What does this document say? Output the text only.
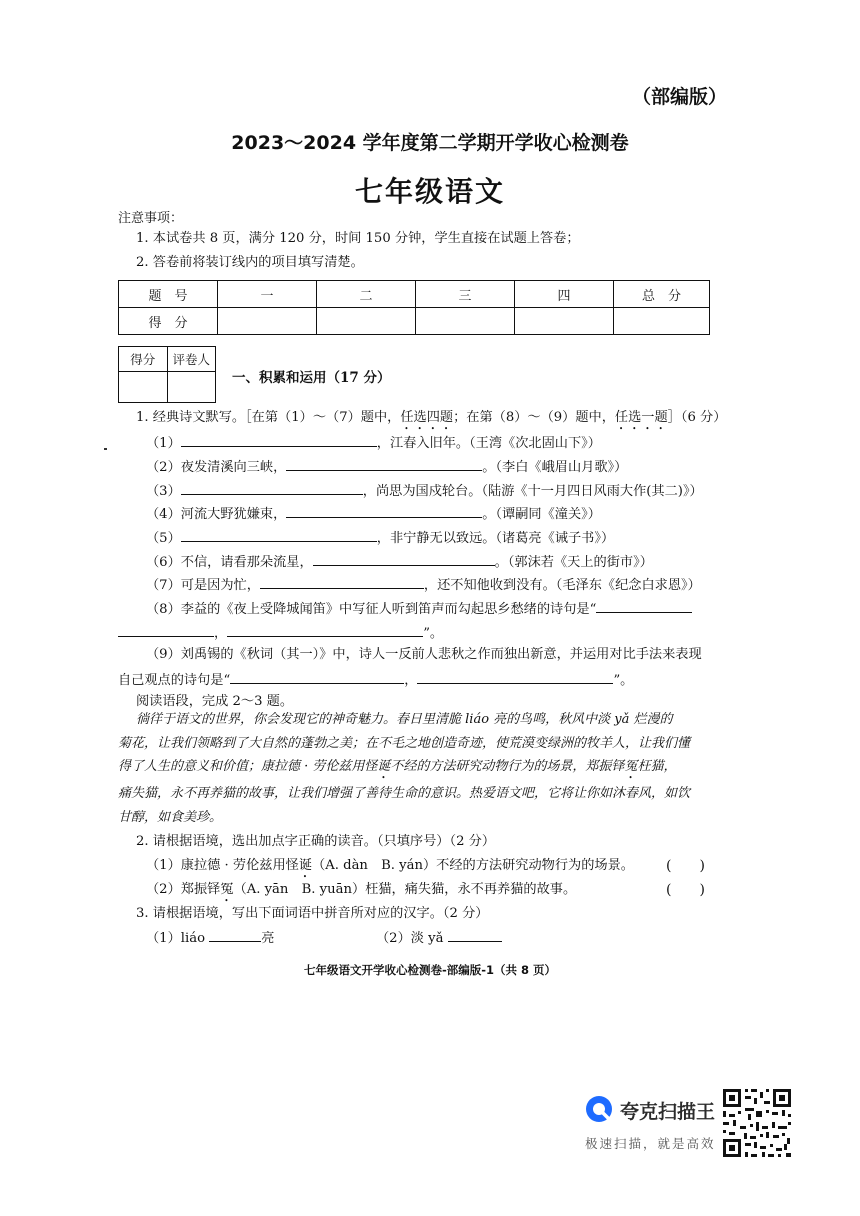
（部编版）
2023～2024 学年度第二学期开学收心检测卷
七年级语文
注意事项：
1. 本试卷共 8 页，满分 120 分，时间 150 分钟，学生直接在试题上答卷；
2. 答卷前将装订线内的项目填写清楚。
题　号	一	二	三	四	总　分
得　分					
得分	评卷人

一、积累和运用（17 分）
1. 经典诗文默写。［在第（1）～（7）题中，任选四题；在第（8）～（9）题中，任选一题］（6 分）
（1）	，江春入旧年。（王湾《次北固山下》）
（2）夜发清溪向三峡，	。（李白《峨眉山月歌》）
（3）	，尚思为国戍轮台。（陆游《十一月四日风雨大作(其二)》）
（4）河流大野犹嫌束，	。（谭嗣同《潼关》）
（5）	，非宁静无以致远。（诸葛亮《诫子书》）
（6）不信，请看那朵流星，	。（郭沫若《天上的街市》）
（7）可是因为忙，	，还不知他收到没有。（毛泽东《纪念白求恩》）
（8）李益的《夜上受降城闻笛》中写征人听到笛声而勾起思乡愁绪的诗句是“
，	”。
（9）刘禹锡的《秋词（其一）》中，诗人一反前人悲秋之作而独出新意，并运用对比手法来表现
自己观点的诗句是“	，	”。
阅读语段，完成 2～3 题。
徜徉于语文的世界，你会发现它的神奇魅力。春日里清脆 liáo 亮的鸟鸣，秋风中淡 yǎ 烂漫的
菊花，让我们领略到了大自然的蓬勃之美；在不毛之地创造奇迹，使荒漠变绿洲的牧羊人，让我们懂
得了人生的意义和价值；康拉德 · 劳伦兹用怪诞不经的方法研究动物行为的场景，郑振铎冤枉猫，
痛失猫，永不再养猫的故事，让我们增强了善待生命的意识。热爱语文吧，它将让你如沐春风，如饮
甘醇，如食美珍。
2. 请根据语境，选出加点字正确的读音。（只填序号）（2 分）
（1）康拉德 · 劳伦兹用怪诞（A. dàn　B. yán）不经的方法研究动物行为的场景。 (　　)
（2）郑振铎冤（A. yān　B. yuān）枉猫，痛失猫，永不再养猫的故事。	(　　)
3. 请根据语境，写出下面词语中拼音所对应的汉字。（2 分）
（1）liáo	亮	（2）淡 yǎ
七年级语文开学收心检测卷-部编版-1（共 8 页）
夸克扫描王
极速扫描，就是高效
